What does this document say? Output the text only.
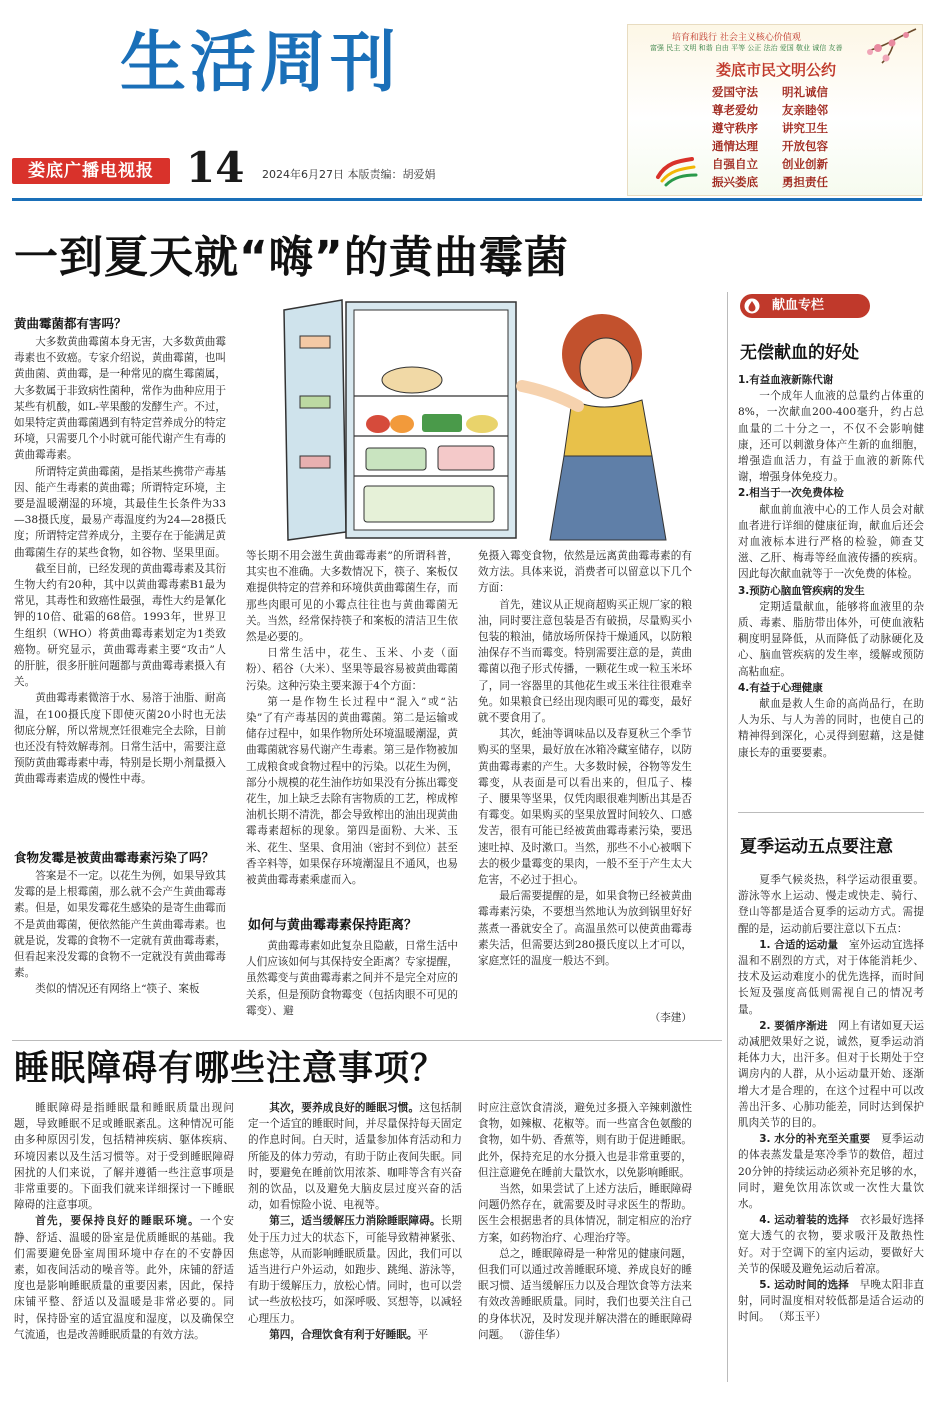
生活周刊
娄底广播电视报 14 2024年6月27日 本版责编：胡爱娟
培育和践行 社会主义核心价值观
富强 民主 文明 和谐 自由 平等 公正 法治 爱国 敬业 诚信 友善
娄底市民文明公约
爱国守法	明礼诚信
尊老爱幼	友亲睦邻
遵守秩序	讲究卫生
通情达理	开放包容
自强自立	创业创新
振兴娄底	勇担责任
一到夏天就“嗨”的黄曲霉菌
黄曲霉菌都有害吗？

大多数黄曲霉菌本身无害，大多数黄曲霉毒素也不致癌。专家介绍说，黄曲霉菌，也叫黄曲菌、黄曲霉，是一种常见的腐生霉菌属，大多数属于非致病性菌种，常作为曲种应用于某些有机酸，如L-苹果酸的发酵生产。不过，如果特定黄曲霉菌遇到有特定营养成分的特定环境，只需要几个小时就可能代谢产生有毒的黄曲霉毒素。

所谓特定黄曲霉菌，是指某些携带产毒基因、能产生毒素的黄曲霉；所谓特定环境，主要是温暖潮湿的环境，其最佳生长条件为33—38摄氏度，最易产毒温度约为24—28摄氏度；所谓特定营养成分，主要存在于能满足黄曲霉菌生存的某些食物，如谷物、坚果里面。

截至目前，已经发现的黄曲霉毒素及其衍生物大约有20种，其中以黄曲霉毒素B1最为常见，其毒性和致癌性最强，毒性大约是氰化钾的10倍、砒霜的68倍。1993年，世界卫生组织（WHO）将黄曲霉毒素划定为1类致癌物。研究显示，黄曲霉毒素主要“攻击”人的肝脏，很多肝脏问题都与黄曲霉毒素摄入有关。

黄曲霉毒素微溶于水、易溶于油脂、耐高温，在100摄氏度下即使灭菌20小时也无法彻底分解，所以常规烹饪很难完全去除，目前也还没有特效解毒剂。日常生活中，需要注意预防黄曲霉毒素中毒，特别是长期小剂量摄入黄曲霉毒素造成的慢性中毒。

食物发霉是被黄曲霉毒素污染了吗？

答案是不一定。以花生为例，如果导致其发霉的是上根霉菌，那么就不会产生黄曲霉毒素。但是，如果发霉花生感染的是寄生曲霉而不是黄曲霉菌，便依然能产生黄曲霉毒素。也就是说，发霉的食物不一定就有黄曲霉毒素，但看起来没发霉的食物不一定就没有黄曲霉毒素。

类似的情况还有网络上“筷子、案板

等长期不用会滋生黄曲霉毒素”的所谓科普，其实也不准确。大多数情况下，筷子、案板仅难提供特定的营养和环境供黄曲霉菌生存，而那些肉眼可见的小霉点往往也与黄曲霉菌无关。当然，经常保持筷子和案板的清洁卫生依然是必要的。

日常生活中，花生、玉米、小麦（面粉）、稻谷（大米）、坚果等最容易被黄曲霉菌污染。这种污染主要来源于4个方面：

第一是作物生长过程中“混入”或“沾染”了有产毒基因的黄曲霉菌。第二是运输或储存过程中，如果作物所处环境温暖潮湿，黄曲霉菌就容易代谢产生毒素。第三是作物被加工成粮食或食物过程中的污染。以花生为例，部分小规模的花生油作坊如果没有分拣出霉变花生，加上缺乏去除有害物质的工艺，榨成榨油机长期不清洗，都会导致榨出的油出现黄曲霉毒素超标的现象。第四是面粉、大米、玉米、花生、坚果、食用油（密封不到位）甚至香辛料等，如果保存环境潮湿且不通风，也易被黄曲霉毒素乘虚而入。

如何与黄曲霉毒素保持距离？

黄曲霉毒素如此复杂且隐蔽，日常生活中人们应该如何与其保持安全距离？专家提醒，虽然霉变与黄曲霉毒素之间并不是完全对应的关系，但是预防食物霉变（包括肉眼不可见的霉变）、避

免摄入霉变食物，依然是远离黄曲霉毒素的有效方法。具体来说，消费者可以留意以下几个方面：

首先，建议从正规商超购买正规厂家的粮油，同时要注意包装是否有破损，尽量购买小包装的粮油，储放场所保持干燥通风，以防粮油保存不当而霉变。特别需要注意的是，黄曲霉菌以孢子形式传播，一颗花生或一粒玉米坏了，同一容器里的其他花生或玉米往往很难幸免。如果粮食已经出现肉眼可见的霉变，最好就不要食用了。

其次，蚝油等调味品以及春夏秋三个季节购买的坚果，最好放在冰箱冷藏室储存，以防黄曲霉毒素的产生。大多数时候，谷物等发生霉变，从表面是可以看出来的，但瓜子、榛子、腰果等坚果，仅凭肉眼很难判断出其是否有霉变。如果购买的坚果放置时间较久、口感发苦，很有可能已经被黄曲霉毒素污染，要迅速吐掉、及时漱口。当然，那些不小心被咽下去的极少量霉变的果肉，一般不至于产生太大危害，不必过于担心。

最后需要提醒的是，如果食物已经被黄曲霉毒素污染，不要想当然地认为放到锅里好好蒸煮一番就安全了。高温虽然可以使黄曲霉毒素失活，但需要达到280摄氏度以上才可以，家庭烹饪的温度一般达不到。

（李建）
献血专栏
无偿献血的好处
1.有益血液新陈代谢

一个成年人血液的总量约占体重的8%，一次献血200-400毫升，约占总血量的二十分之一，不仅不会影响健康，还可以刺激身体产生新的血细胞，增强造血活力，有益于血液的新陈代谢，增强身体免疫力。

2.相当于一次免费体检

献血前血液中心的工作人员会对献血者进行详细的健康征询，献血后还会对血液标本进行严格的检验，筛查艾滋、乙肝、梅毒等经血液传播的疾病。因此每次献血就等于一次免费的体检。

3.预防心脑血管疾病的发生

定期适量献血，能够将血液里的杂质、毒素、脂肪带出体外，可使血液粘稠度明显降低，从而降低了动脉硬化及心、脑血管疾病的发生率，缓解或预防高粘血症。

4.有益于心理健康

献血是救人生命的高尚品行，在助人为乐、与人为善的同时，也使自己的精神得到深化，心灵得到慰藉，这是健康长寿的重要要素。

夏季运动五点要注意

夏季气候炎热，科学运动很重要。游泳等水上运动、慢走或快走、骑行、登山等都是适合夏季的运动方式。需提醒的是，运动前后要注意以下五点：

1. 合适的运动量　 室外运动宜选择温和不剧烈的方式，对于体能消耗少、技术及运动难度小的优先选择，而时间长短及强度高低则需视自己的情况考量。

2. 要循序渐进　 网上有诸如夏天运动减肥效果好之说，诚然，夏季运动消耗体力大，出汗多。但对于长期处于空调房内的人群，从小运动量开始、逐渐增大才是合理的，在这个过程中可以改善出汗多、心肺功能差，同时达到保护肌肉关节的目的。

3. 水分的补充至关重要　 夏季运动的体表蒸发量是寒冷季节的数倍，超过20分钟的持续运动必须补充足够的水，同时，避免饮用冻饮或一次性大量饮水。

4. 运动着装的选择　 衣衫最好选择宽大透气的衣物，要求吸汗及散热性好。对于空调下的室内运动，要做好大关节的保暖及避免运动后着凉。

5. 运动时间的选择　 早晚太阳非直射，同时温度相对较低都是适合运动的时间。 （郑玉平）

睡眠障碍有哪些注意事项？

睡眠障碍是指睡眠量和睡眠质量出现问题，导致睡眠不足或睡眠紊乱。这种情况可能由多种原因引发，包括精神疾病、躯体疾病、环境因素以及生活习惯等。对于受到睡眠障碍困扰的人们来说，了解并遵循一些注意事项是非常重要的。下面我们就来详细探讨一下睡眠障碍的注意事项。

首先，要保持良好的睡眠环境。一个安静、舒适、温暖的卧室是优质睡眠的基础。我们需要避免卧室周围环境中存在的不安静因素，如夜间活动的噪音等。此外，床铺的舒适度也是影响睡眠质量的重要因素，因此，保持床铺平整、舒适以及温暖是非常必要的。同时，保持卧室的适宜温度和湿度，以及确保空气流通，也是改善睡眠质量的有效方法。

其次，要养成良好的睡眠习惯。这包括制定一个适宜的睡眠时间，并尽量保持每天固定的作息时间。白天时，适量参加体育活动和力所能及的体力劳动，有助于防止夜间失眠。同时，要避免在睡前饮用浓茶、咖啡等含有兴奋剂的饮品，以及避免大脑皮层过度兴奋的活动，如看惊险小说、电视等。

第三，适当缓解压力消除睡眠障碍。长期处于压力过大的状态下，可能导致精神紧张、焦虑等，从而影响睡眠质量。因此，我们可以适当进行户外运动，如跑步、跳绳、游泳等，有助于缓解压力，放松心情。同时，也可以尝试一些放松技巧，如深呼吸、冥想等，以减轻心理压力。

第四，合理饮食有利于好睡眠。平

时应注意饮食清淡，避免过多摄入辛辣刺激性食物，如辣椒、花椒等。而一些富含色氨酸的食物，如牛奶、香蕉等，则有助于促进睡眠。此外，保持充足的水分摄入也是非常重要的，但注意避免在睡前大量饮水，以免影响睡眠。

当然，如果尝试了上述方法后，睡眠障碍问题仍然存在，就需要及时寻求医生的帮助。医生会根据患者的具体情况，制定相应的治疗方案，如药物治疗、心理治疗等。

总之，睡眠障碍是一种常见的健康问题，但我们可以通过改善睡眠环境、养成良好的睡眠习惯、适当缓解压力以及合理饮食等方法来有效改善睡眠质量。同时，我们也要关注自己的身体状况，及时发现并解决潜在的睡眠障碍问题。 （游佳华）
